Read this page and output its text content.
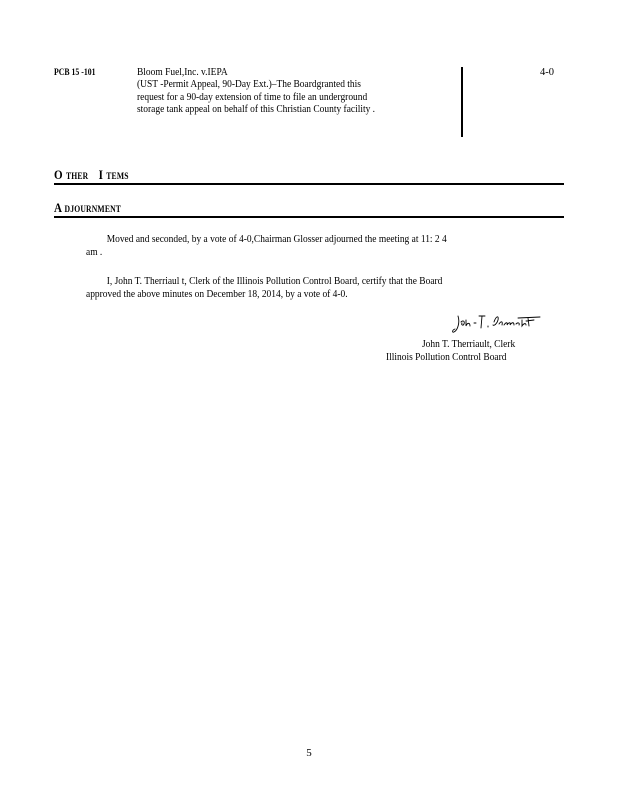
PCB 15 -101	Bloom Fuel,Inc. v.IEPA
(UST -Permit Appeal, 90-Day Ext.)–The Boardgranted this
request for a 90-day extension of time to file an underground
storage tank appeal on behalf of this Christian County facility .
4-0
O THER I TEMS
A DJOURNMENT
Moved and seconded, by a vote of 4-0,Chairman Glosser adjourned the meeting at 11: 2 4
am .
I, John T. Therriaul t, Clerk of the Illinois Pollution Control Board, certify that the Board
approved the above minutes on December 18, 2014, by a vote of 4-0.
John T. Therriault, Clerk
Illinois Pollution Control Board
5
